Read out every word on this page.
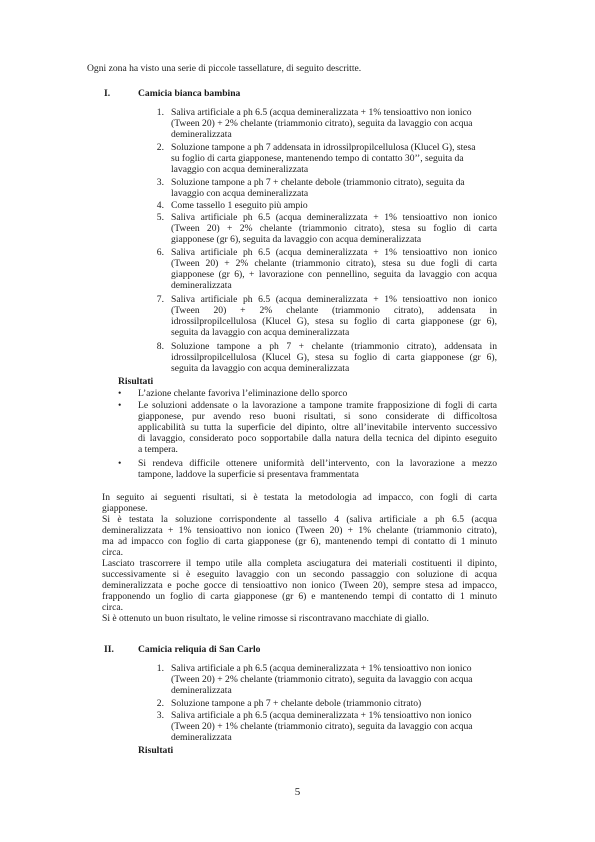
Ogni zona ha visto una serie di piccole tassellature, di seguito descritte.
I.	Camicia bianca bambina
1. Saliva artificiale a ph 6.5 (acqua demineralizzata + 1% tensioattivo non ionico
(Tween 20) + 2% chelante (triammonio citrato), seguita da lavaggio con acqua
demineralizzata
2. Soluzione tampone a ph 7 addensata in idrossilpropilcellulosa (Klucel G), stesa
su foglio di carta giapponese, mantenendo tempo di contatto 30’’, seguita da
lavaggio con acqua demineralizzata
3. Soluzione tampone a ph 7 + chelante debole (triammonio citrato), seguita da
lavaggio con acqua demineralizzata
4. Come tassello 1 eseguito più ampio
5. Saliva artificiale ph 6.5 (acqua demineralizzata + 1% tensioattivo non ionico
(Tween 20) + 2% chelante (triammonio citrato), stesa su foglio di carta
giapponese (gr 6), seguita da lavaggio con acqua demineralizzata
6. Saliva artificiale ph 6.5 (acqua demineralizzata + 1% tensioattivo non ionico
(Tween 20) + 2% chelante (triammonio citrato), stesa su due fogli di carta
giapponese (gr 6), + lavorazione con pennellino, seguita da lavaggio con acqua
demineralizzata
7. Saliva artificiale ph 6.5 (acqua demineralizzata + 1% tensioattivo non ionico
(Tween 20) + 2% chelante (triammonio citrato), addensata in
idrossilpropilcellulosa (Klucel G), stesa su foglio di carta giapponese (gr 6),
seguita da lavaggio con acqua demineralizzata
8. Soluzione tampone a ph 7 + chelante (triammonio citrato), addensata in
idrossilpropilcellulosa (Klucel G), stesa su foglio di carta giapponese (gr 6),
seguita da lavaggio con acqua demineralizzata
Risultati
• L’azione chelante favoriva l’eliminazione dello sporco
• Le soluzioni addensate o la lavorazione a tampone tramite frapposizione di fogli di carta
giapponese, pur avendo reso buoni risultati, si sono considerate di difficoltosa
applicabilità su tutta la superficie del dipinto, oltre all’inevitabile intervento successivo
di lavaggio, considerato poco sopportabile dalla natura della tecnica del dipinto eseguito
a tempera.
• Si rendeva difficile ottenere uniformità dell’intervento, con la lavorazione a mezzo
tampone, laddove la superficie si presentava frammentata
In seguito ai seguenti risultati, si è testata la metodologia ad impacco, con fogli di carta
giapponese.
Si è testata la soluzione corrispondente al tassello 4 (saliva artificiale a ph 6.5 (acqua
demineralizzata + 1% tensioattivo non ionico (Tween 20) + 1% chelante (triammonio citrato),
ma ad impacco con foglio di carta giapponese (gr 6), mantenendo tempi di contatto di 1 minuto
circa.
Lasciato trascorrere il tempo utile alla completa asciugatura dei materiali costituenti il dipinto,
successivamente si è eseguito lavaggio con un secondo passaggio con soluzione di acqua
demineralizzata e poche gocce di tensioattivo non ionico (Tween 20), sempre stesa ad impacco,
frapponendo un foglio di carta giapponese (gr 6) e mantenendo tempi di contatto di 1 minuto
circa.
Si è ottenuto un buon risultato, le veline rimosse si riscontravano macchiate di giallo.
II.	Camicia reliquia di San Carlo
1. Saliva artificiale a ph 6.5 (acqua demineralizzata + 1% tensioattivo non ionico
(Tween 20) + 2% chelante (triammonio citrato), seguita da lavaggio con acqua
demineralizzata
2. Soluzione tampone a ph 7 + chelante debole (triammonio citrato)
3. Saliva artificiale a ph 6.5 (acqua demineralizzata + 1% tensioattivo non ionico
(Tween 20) + 1% chelante (triammonio citrato), seguita da lavaggio con acqua
demineralizzata
Risultati
5
